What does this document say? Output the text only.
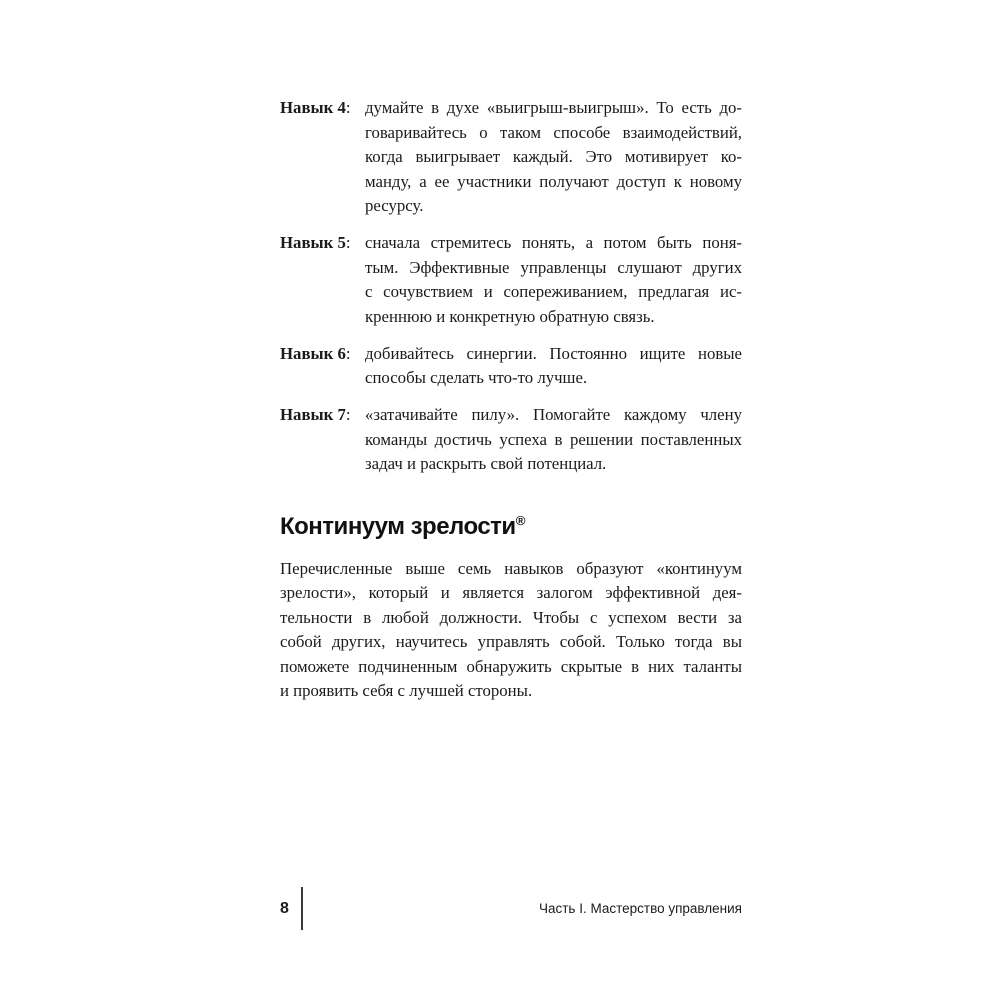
Навык 4: думайте в духе «выигрыш-выигрыш». То есть до-
говаривайтесь о таком способе взаимодействий,
когда выигрывает каждый. Это мотивирует ко-
манду, а ее участники получают доступ к новому
ресурсу.
Навык 5: сначала стремитесь понять, а потом быть поня-
тым. Эффективные управленцы слушают других
с сочувствием и сопереживанием, предлагая ис-
креннюю и конкретную обратную связь.
Навык 6: добивайтесь синергии. Постоянно ищите новые
способы сделать что-то лучше.
Навык 7: «затачивайте пилу». Помогайте каждому члену
команды достичь успеха в решении поставленных
задач и раскрыть свой потенциал.
Континуум зрелости®
Перечисленные выше семь навыков образуют «континуум
зрелости», который и является залогом эффективной дея-
тельности в любой должности. Чтобы с успехом вести за
собой других, научитесь управлять собой. Только тогда вы
поможете подчиненным обнаружить скрытые в них таланты
и проявить себя с лучшей стороны.
8	Часть I. Мастерство управления
